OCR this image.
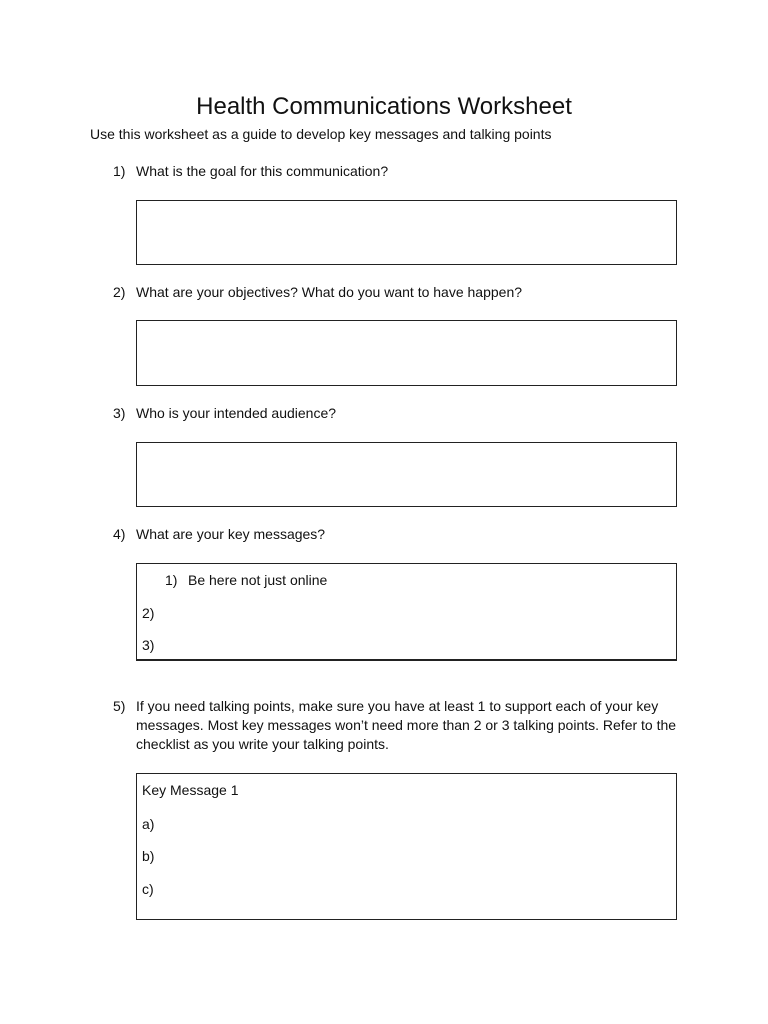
Health Communications Worksheet
Use this worksheet as a guide to develop key messages and talking points
1) What is the goal for this communication?
2) What are your objectives? What do you want to have happen?
3) Who is your intended audience?
4) What are your key messages?
1) Be here not just online
2)
3)
5) If you need talking points, make sure you have at least 1 to support each of your key messages. Most key messages won’t need more than 2 or 3 talking points. Refer to the checklist as you write your talking points.
Key Message 1
a)
b)
c)
